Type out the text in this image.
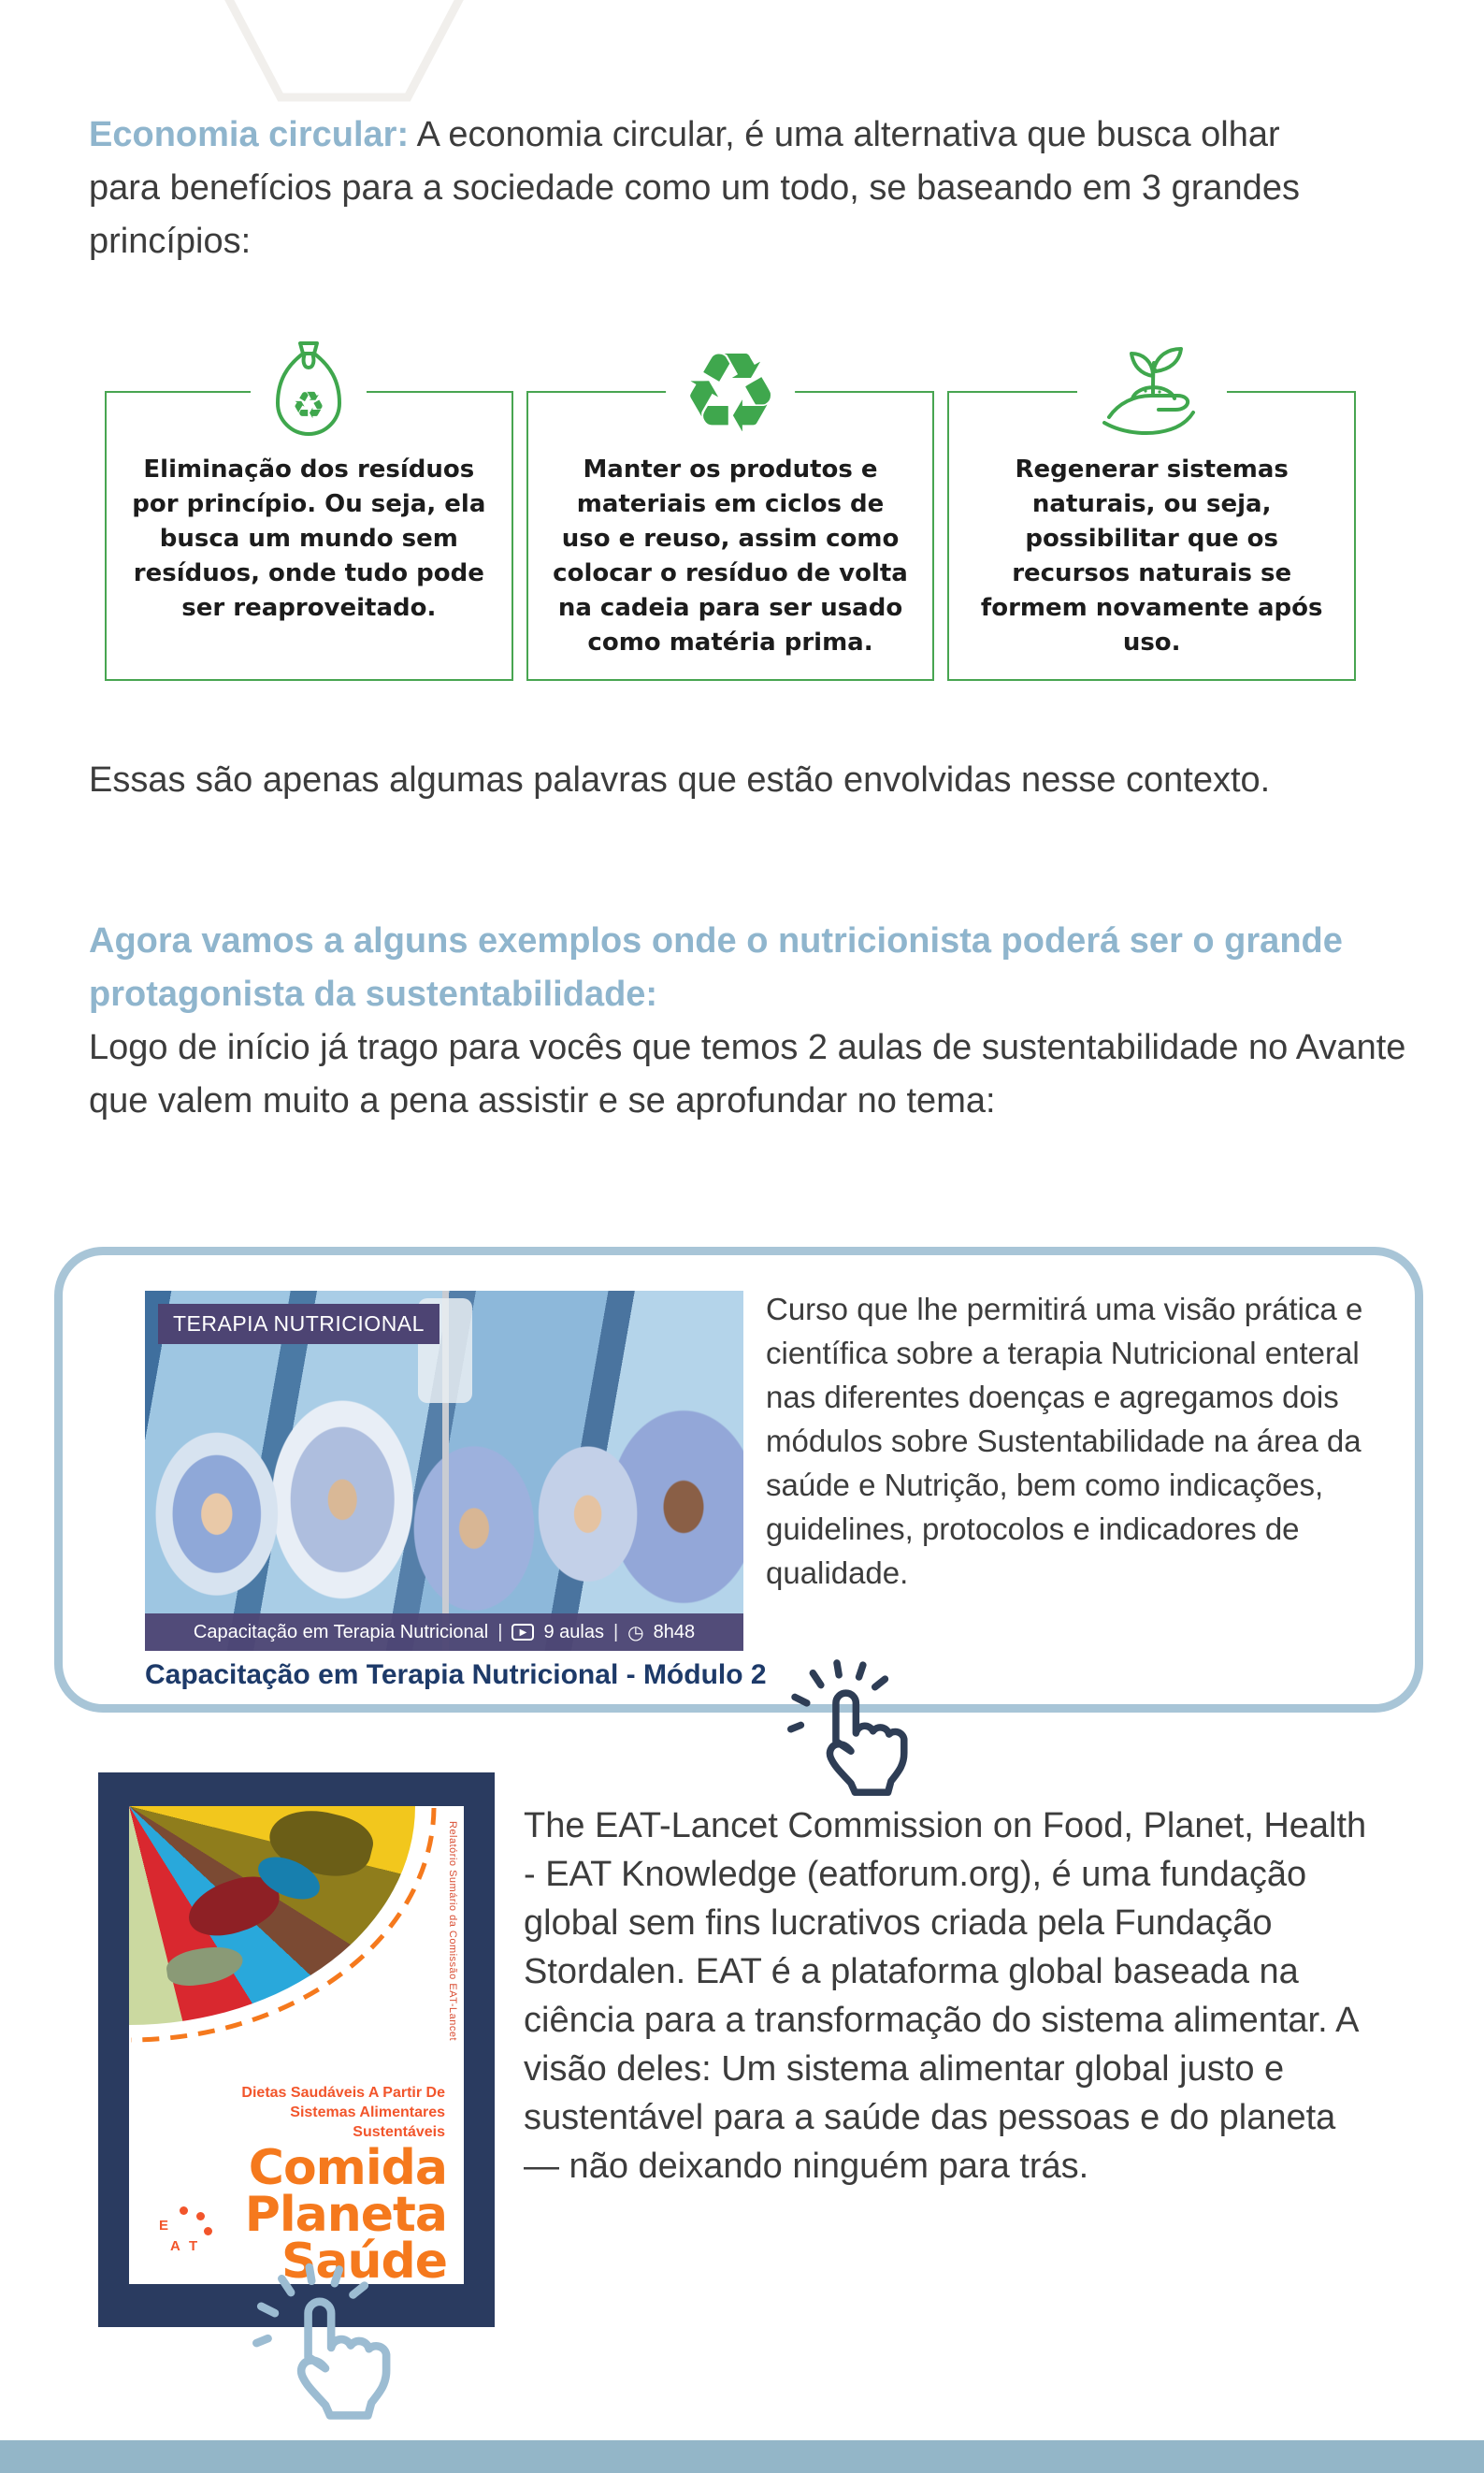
Economia circular: A economia circular, é uma alternativa que busca olhar para benefícios para a sociedade como um todo, se baseando em 3 grandes princípios:

♻
Eliminação dos resíduos por princípio. Ou seja, ela busca um mundo sem resíduos, onde tudo pode ser reaproveitado.
♻
Manter os produtos e materiais em ciclos de uso e reuso, assim como colocar o resíduo de volta na cadeia para ser usado como matéria prima.
Regenerar sistemas naturais, ou seja, possibilitar que os recursos naturais se formem novamente após uso.

Essas são apenas algumas palavras que estão envolvidas nesse contexto.

Agora vamos a alguns exemplos onde o nutricionista poderá ser o grande protagonista da sustentabilidade:
Logo de início já trago para vocês que temos 2 aulas de sustentabilidade no Avante que valem muito a pena assistir e se aprofundar no tema:
TERAPIA NUTRICIONAL
Capacitação em Terapia Nutricional |	▶ 9 aulas | ◷ 8h48
Capacitação em Terapia Nutricional - Módulo 2
Curso que lhe permitirá uma visão prática e científica sobre a terapia Nutricional enteral nas diferentes doenças e agregamos dois módulos sobre Sustentabilidade na área da saúde e Nutrição, bem como indicações, guidelines, protocolos e indicadores de qualidade.
Relatório Sumário da Comissão EAT-Lancet
Dietas Saudáveis A Partir De Sistemas Alimentares Sustentáveis
Comida
Planeta
Saúde
E
A T

The EAT-Lancet Commission on Food, Planet, Health - EAT Knowledge (eatforum.org), é uma fundação global sem fins lucrativos criada pela Fundação Stordalen. EAT é a plataforma global baseada na ciência para a transformação do sistema alimentar. A visão deles: Um sistema alimentar global justo e sustentável para a saúde das pessoas e do planeta — não deixando ninguém para trás.
